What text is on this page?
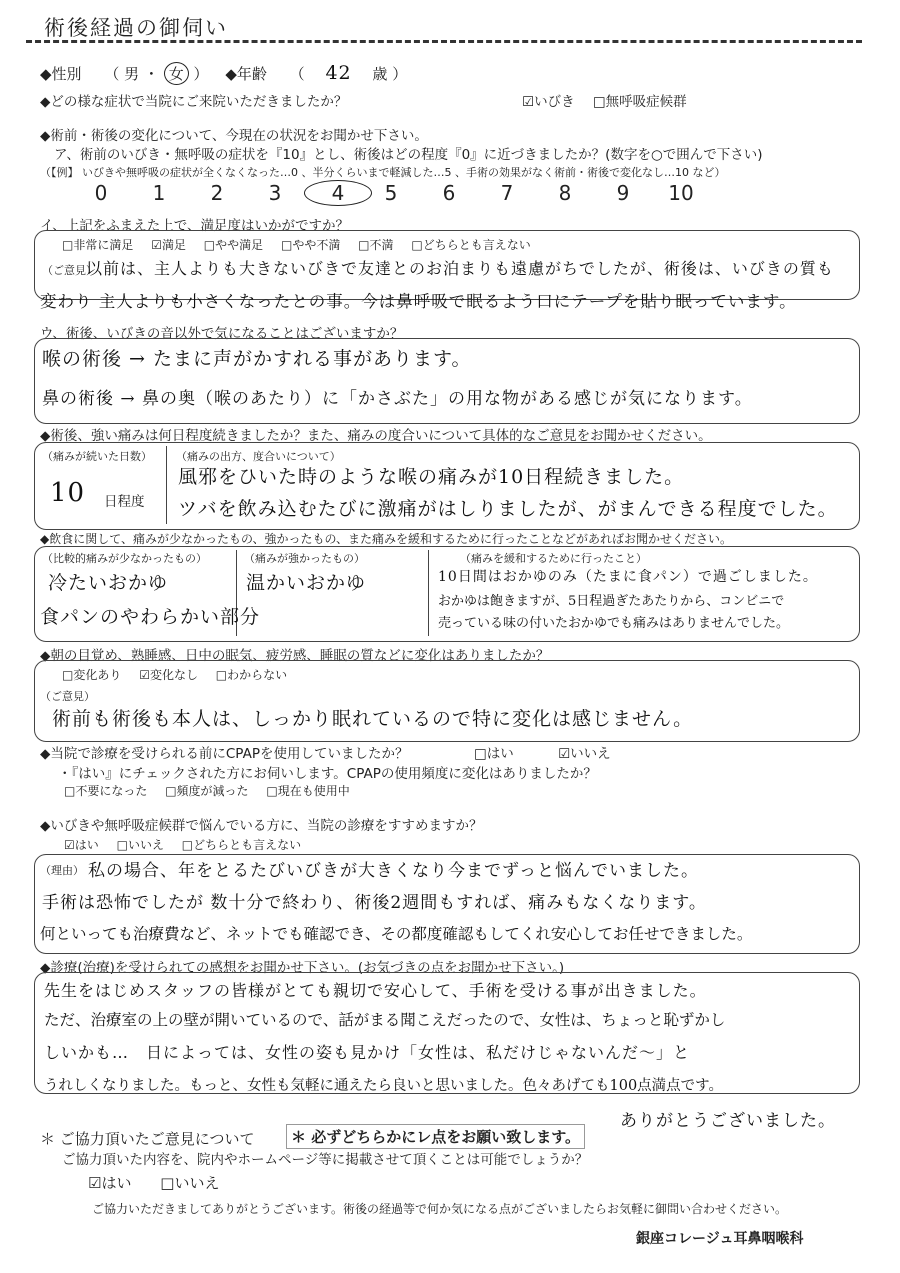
術後経過の御伺い
◆性別 （ 男 ・ 女 ） ◆年齢 （ 42 歳 ）
◆どの様な症状で当院にご来院いただきましたか？	☑ いびき □ 無呼吸症候群
◆術前・術後の変化について、今現在の状況をお聞かせ下さい。
ア、術前のいびき・無呼吸の症状を『10』とし、術後はどの程度『0』に近づきましたか？(数字を○で囲んで下さい)
（【例】 いびきや無呼吸の症状が全くなくなった…0 、半分くらいまで軽減した…5 、手術の効果がなく術前・術後で変化なし…10 など）
0 1 2 3	4 5 6 7 8 9 10
イ、上記をふまえた上で、満足度はいかがですか？
□ 非常に満足 ☑ 満足 □ やや満足 □ やや不満 □ 不満 □ どちらとも言えない
（ご意見）
以前は、主人よりも大きないびきで友達とのお泊まりも遠慮がちでしたが、術後は、いびきの質も
変わり 主人よりも小さくなったとの事。今は鼻呼吸で眠るよう口にテープを貼り眠っています。
ウ、術後、いびきの音以外で気になることはございますか？
喉の術後 → たまに声がかすれる事があります。
鼻の術後 → 鼻の奥（喉のあたり）に「かさぶた」の用な物がある感じが気になります。
◆術後、強い痛みは何日程度続きましたか？また、痛みの度合いについて具体的なご意見をお聞かせください。
（痛みが続いた日数）
10 日程度
（痛みの出方、度合いについて）
風邪をひいた時のような喉の痛みが10日程続きました。
ツバを飲み込むたびに激痛がはしりましたが、がまんできる程度でした。
◆飲食に関して、痛みが少なかったもの、強かったもの、また痛みを緩和するために行ったことなどがあればお聞かせください。
（比較的痛みが少なかったもの）
冷たいおかゆ
食パンのやわらかい部分
（痛みが強かったもの）
温かいおかゆ
（痛みを緩和するために行ったこと）
10日間はおかゆのみ（たまに食パン）で過ごしました。
おかゆは飽きますが、5日程過ぎたあたりから、コンビニで
売っている味の付いたおかゆでも痛みはありませんでした。
◆朝の目覚め、熟睡感、日中の眠気、疲労感、睡眠の質などに変化はありましたか？
□ 変化あり ☑ 変化なし □ わからない
（ご意見）
術前も術後も本人は、しっかり眠れているので特に変化は感じません。
◆当院で診療を受けられる前にCPAPを使用していましたか？	□ はい	☑ いいえ
・『はい』にチェックされた方にお伺いします。CPAPの使用頻度に変化はありましたか？
□ 不要になった □ 頻度が減った □ 現在も使用中
◆いびきや無呼吸症候群で悩んでいる方に、当院の診療をすすめますか？
☑ はい □ いいえ □ どちらとも言えない
（理由） 私の場合、年をとるたびいびきが大きくなり今までずっと悩んでいました。
手術は恐怖でしたが 数十分で終わり、術後2週間もすれば、痛みもなくなります。
何といっても治療費など、ネットでも確認でき、その都度確認もしてくれ安心してお任せできました。
◆診療(治療)を受けられての感想をお聞かせ下さい。(お気づきの点をお聞かせ下さい。)
先生をはじめスタッフの皆様がとても親切で安心して、手術を受ける事が出きました。
ただ、治療室の上の壁が開いているので、話がまる聞こえだったので、女性は、ちょっと恥ずかし
しいかも…　日によっては、女性の姿も見かけ「女性は、私だけじゃないんだ～」と
うれしくなりました。もっと、女性も気軽に通えたら良いと思いました。色々あげても100点満点です。
ありがとうございました。
＊ ご協力頂いたご意見について	＊ 必ずどちらかにレ点をお願い致します。
ご協力頂いた内容を、院内やホームページ等に掲載させて頂くことは可能でしょうか？
☑ はい	□ いいえ
ご協力いただきましてありがとうございます。術後の経過等で何か気になる点がございましたらお気軽に御問い合わせください。
銀座コレージュ耳鼻咽喉科
